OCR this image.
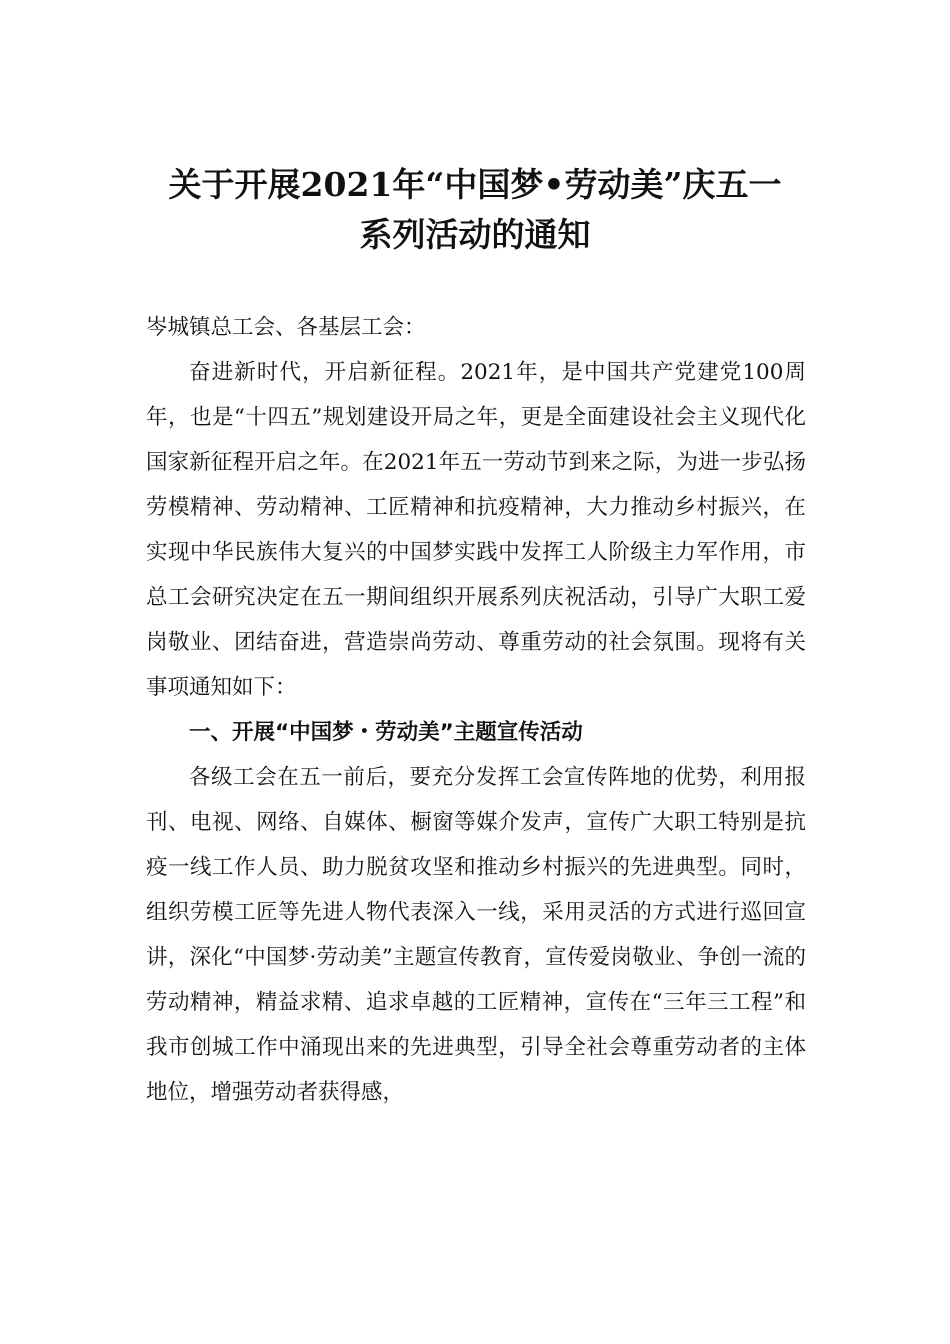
关于开展2021年“中国梦•劳动美”庆五一
系列活动的通知

岑城镇总工会、各基层工会：

奋进新时代，开启新征程。2021年，是中国共产党建党100周年，也是“十四五”规划建设开局之年，更是全面建设社会主义现代化国家新征程开启之年。在2021年五一劳动节到来之际，为进一步弘扬劳模精神、劳动精神、工匠精神和抗疫精神，大力推动乡村振兴，在实现中华民族伟大复兴的中国梦实践中发挥工人阶级主力军作用，市总工会研究决定在五一期间组织开展系列庆祝活动，引导广大职工爱岗敬业、团结奋进，营造崇尚劳动、尊重劳动的社会氛围。现将有关事项通知如下：

一、开展“中国梦・劳动美”主题宣传活动

各级工会在五一前后，要充分发挥工会宣传阵地的优势，利用报刊、电视、网络、自媒体、橱窗等媒介发声，宣传广大职工特别是抗疫一线工作人员、助力脱贫攻坚和推动乡村振兴的先进典型。同时，组织劳模工匠等先进人物代表深入一线，采用灵活的方式进行巡回宣讲，深化“中国梦·劳动美”主题宣传教育，宣传爱岗敬业、争创一流的劳动精神，精益求精、追求卓越的工匠精神，宣传在“三年三工程”和我市创城工作中涌现出来的先进典型，引导全社会尊重劳动者的主体地位，增强劳动者获得感，
